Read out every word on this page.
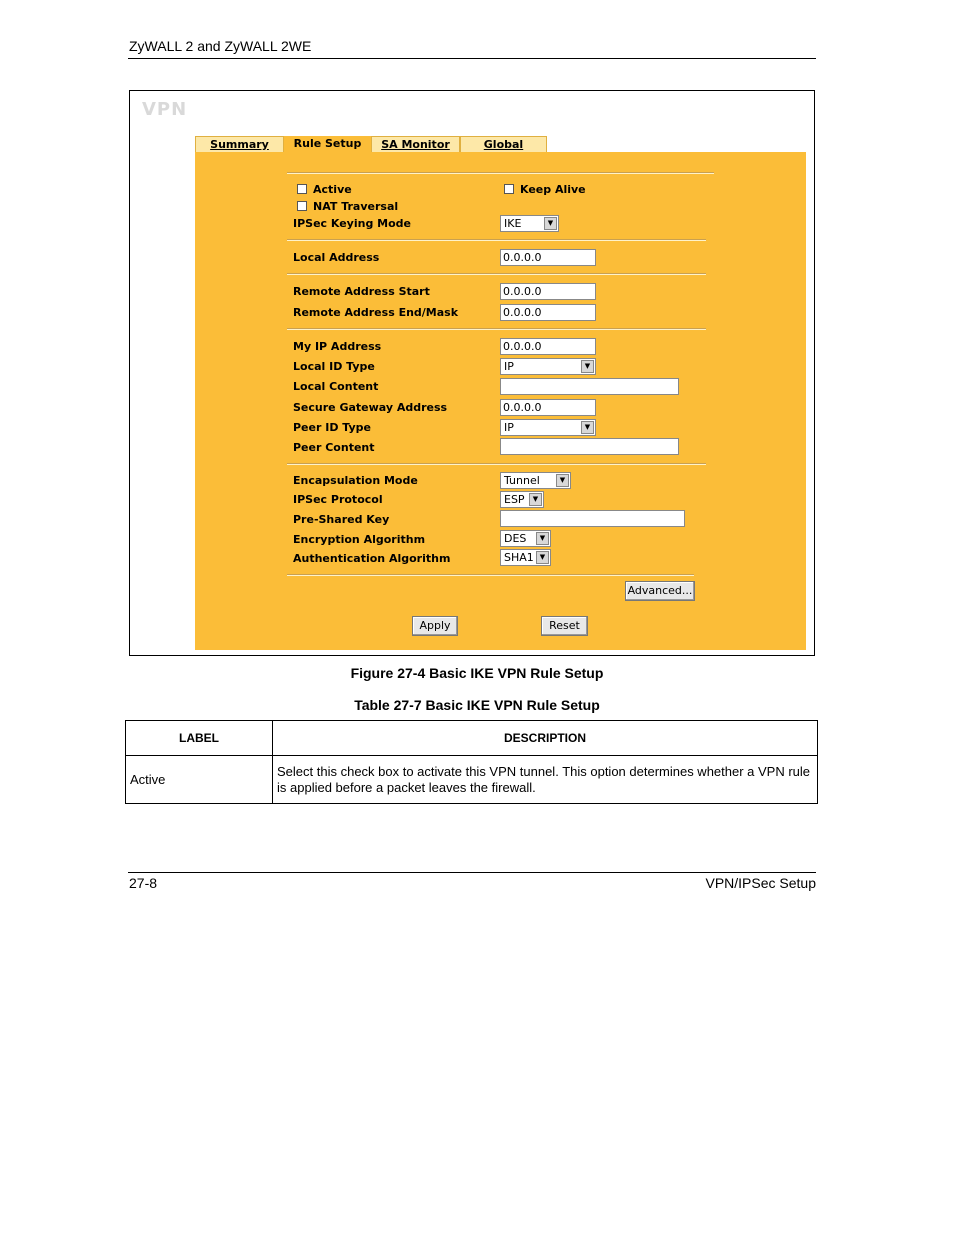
ZyWALL 2 and ZyWALL 2WE
VPN
Summary	Rule Setup	SA Monitor	Global
Active	Keep Alive
NAT Traversal
IPSec Keying Mode	IKE	▼
Local Address	0.0.0.0
Remote Address Start	0.0.0.0
Remote Address End/Mask	0.0.0.0
My IP Address	0.0.0.0
Local ID Type	IP	▼
Local Content
Secure Gateway Address	0.0.0.0
Peer ID Type	IP	▼
Peer Content
Encapsulation Mode	Tunnel	▼
IPSec Protocol	ESP	▼
Pre-Shared Key
Encryption Algorithm	DES	▼
Authentication Algorithm	SHA1 ▼
Advanced...
Apply	Reset
Figure 27-4 Basic IKE VPN Rule Setup
Table 27-7 Basic IKE VPN Rule Setup
LABEL	DESCRIPTION
Active	Select this check box to activate this VPN tunnel. This option determines whether a VPN rule is applied before a packet leaves the firewall.
27-8	VPN/IPSec Setup
